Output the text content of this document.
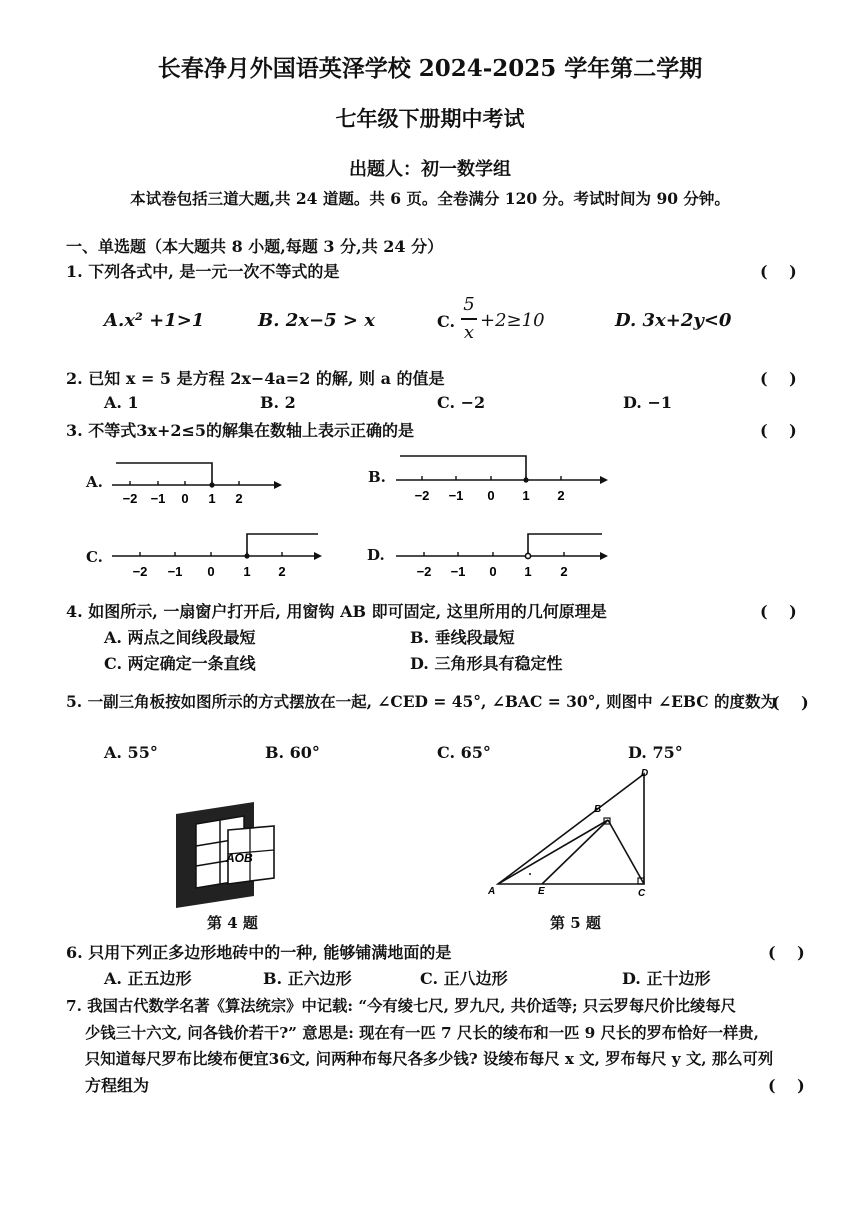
长春净月外国语英泽学校 2024-2025 学年第二学期
七年级下册期中考试
出题人：初一数学组
本试卷包括三道大题,共 24 道题。共 6 页。全卷满分 120 分。考试时间为 90 分钟。
一、单选题（本大题共 8 小题,每题 3 分,共 24 分）
1. 下列各式中, 是一元一次不等式的是	(　 )
A.x² +1>1	B. 2x−5 > x	C.
5
x
+2≥10	D. 3x+2y<0
2. 已知 x = 5 是方程 2x−4a=2 的解, 则 a 的值是	(　 )
A. 1	B. 2	C. −2	D. −1
3. 不等式3x+2≤5的解集在数轴上表示正确的是	(　 )
A.
−2 −1 0 1 2
B.
−2 −1 0 1 2
C.
−2 −1 0 1 2
D.
−2 −1 0 1 2
4. 如图所示, 一扇窗户打开后, 用窗钩 AB 即可固定, 这里所用的几何原理是	(　 )
A. 两点之间线段最短	B. 垂线段最短
C. 两定确定一条直线	D. 三角形具有稳定性
5. 一副三角板按如图所示的方式摆放在一起, ∠CED = 45°, ∠BAC = 30°, 则图中 ∠EBC 的度数为
(　 )
A. 55°	B. 60°	C. 65°	D. 75°
AOB
第 4 题
A	E	C
B
D
第 5 题
6. 只用下列正多边形地砖中的一种, 能够铺满地面的是	(　 )
A. 正五边形	B. 正六边形	C. 正八边形	D. 正十边形
7. 我国古代数学名著《算法统宗》中记载: “今有绫七尺, 罗九尺, 共价适等; 只云罗每尺价比绫每尺
少钱三十六文, 问各钱价若干?” 意思是: 现在有一匹 7 尺长的绫布和一匹 9 尺长的罗布恰好一样贵,
只知道每尺罗布比绫布便宜36文, 问两种布每尺各多少钱? 设绫布每尺 x 文, 罗布每尺 y 文, 那么可列
方程组为	(　 )
